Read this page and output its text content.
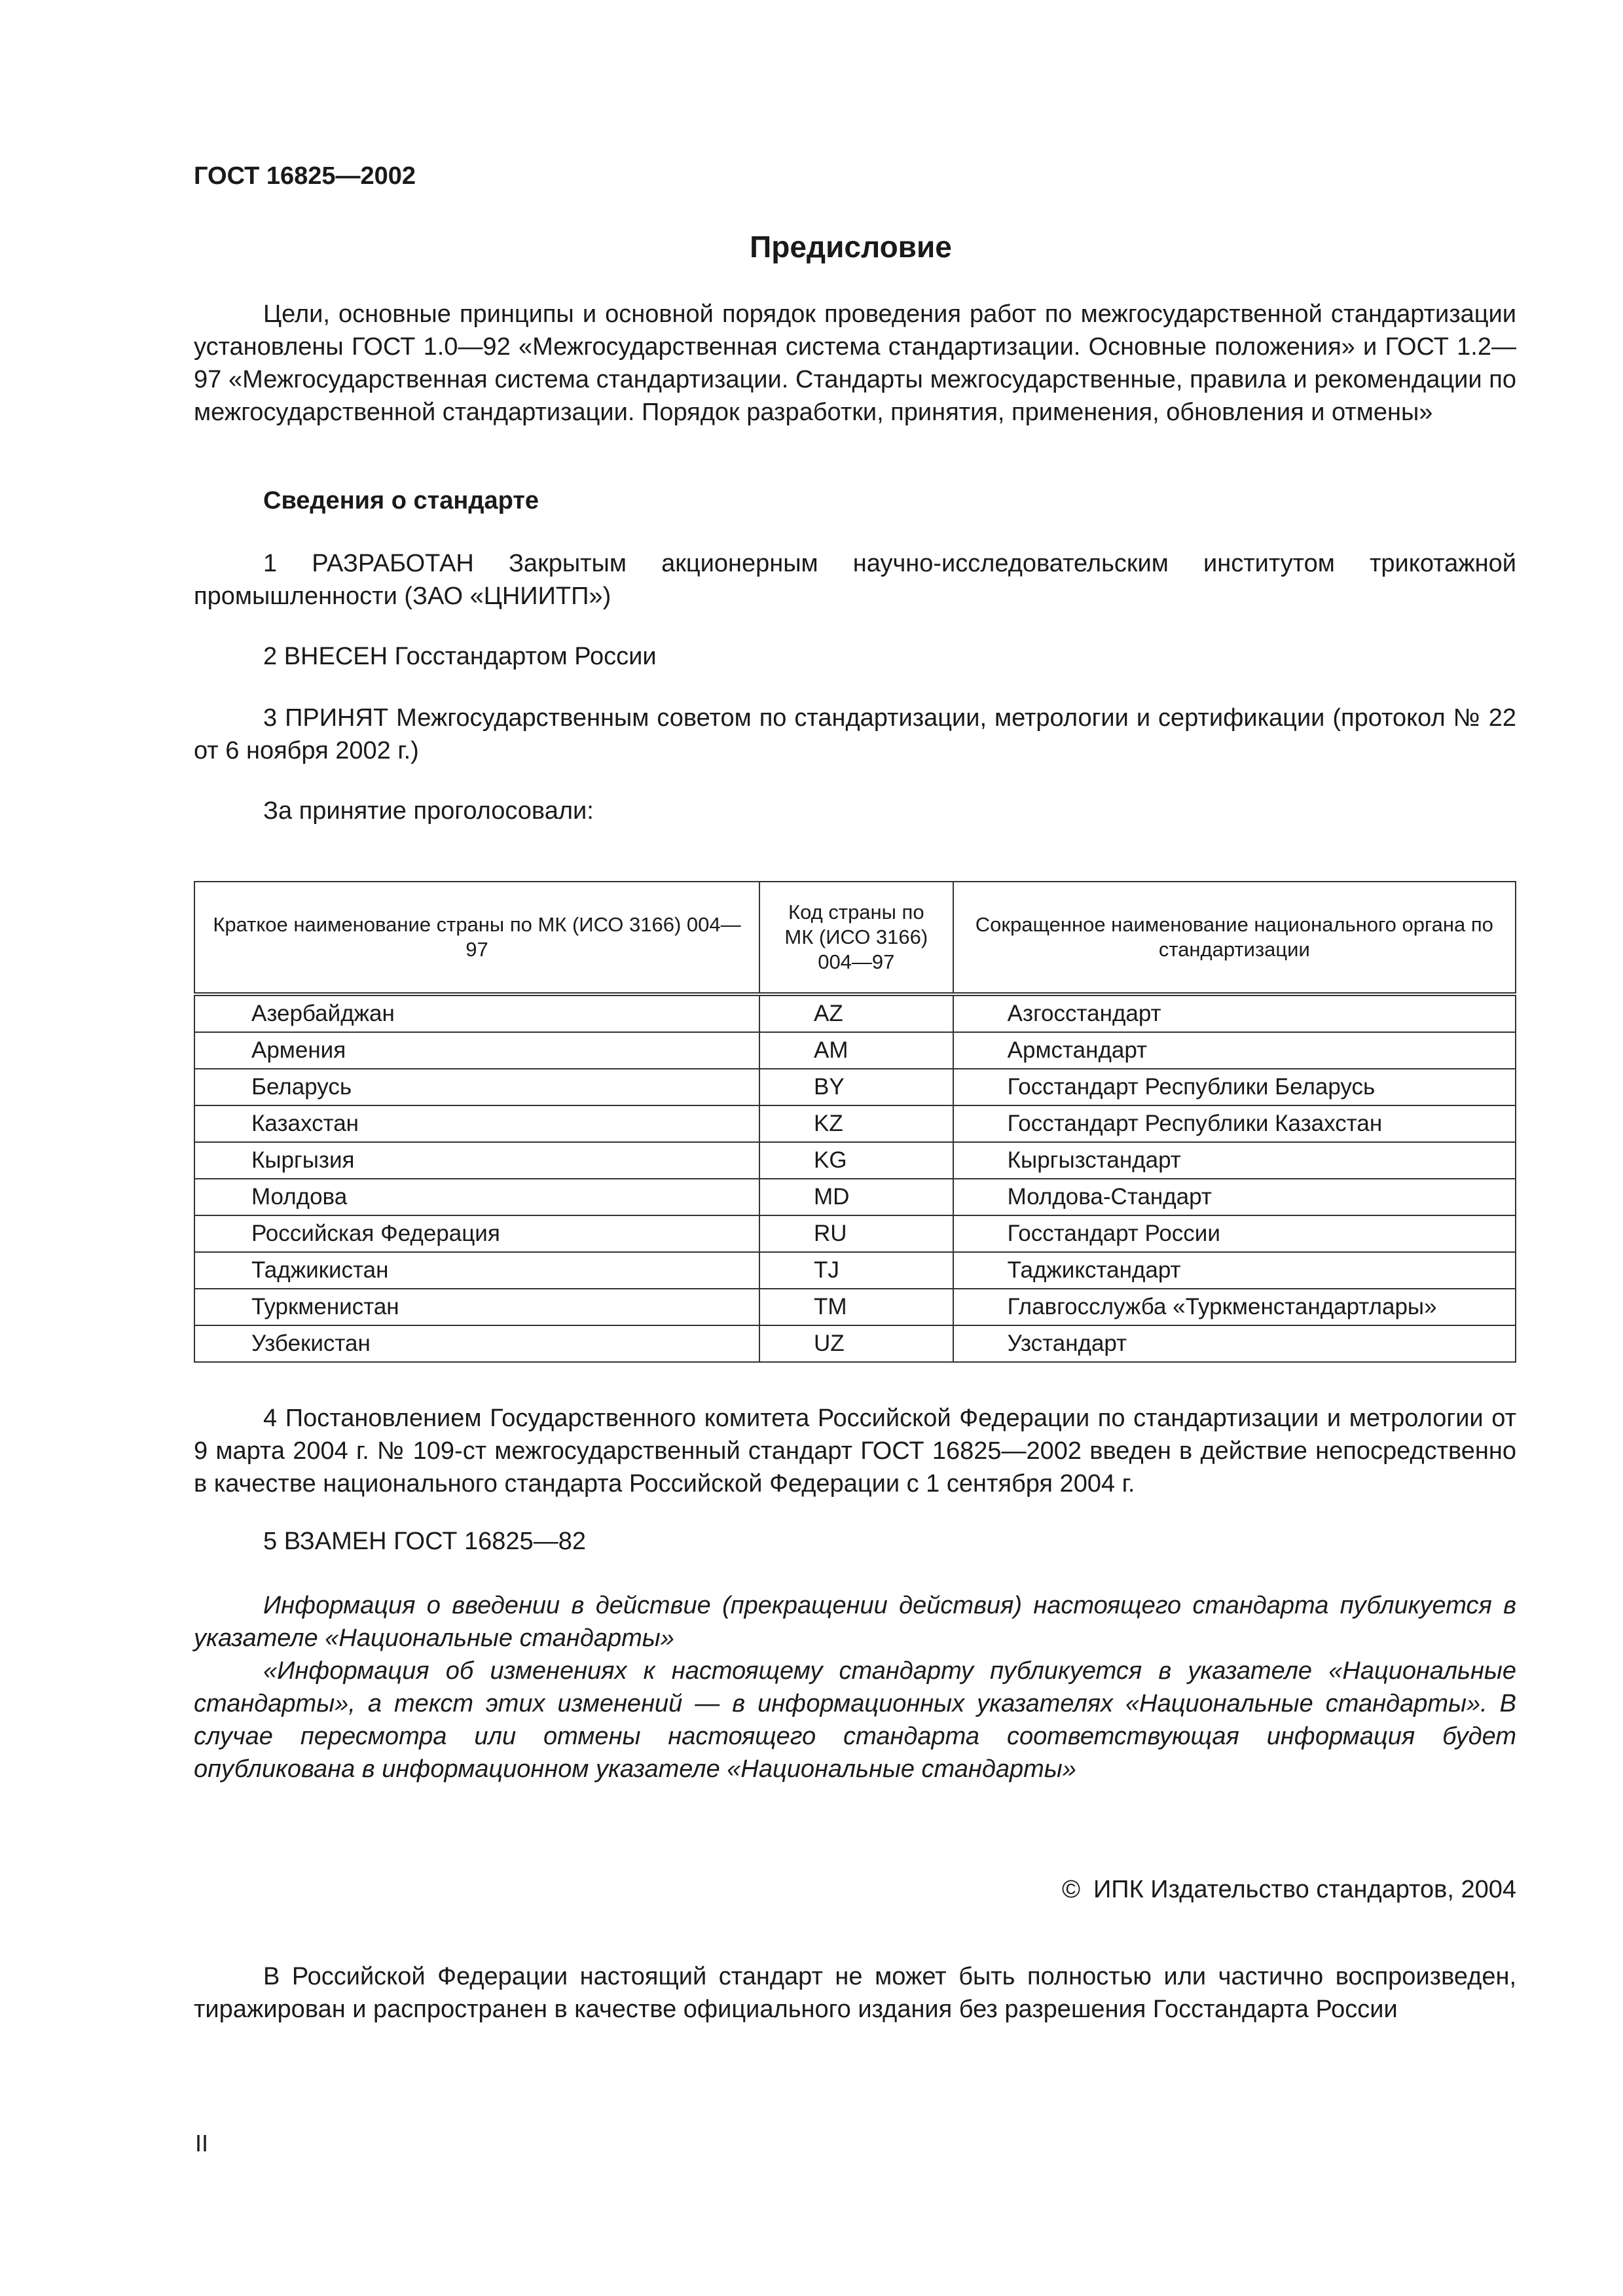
ГОСТ 16825—2002
Предисловие

Цели, основные принципы и основной порядок проведения работ по межгосударственной стандартизации установлены ГОСТ 1.0—92 «Межгосударственная система стандартизации. Основные положения» и ГОСТ 1.2—97 «Межгосударственная система стандартизации. Стандарты межгосударственные, правила и рекомендации по межгосударственной стандартизации. Порядок разработки, принятия, применения, обновления и отмены»

Сведения о стандарте

1 РАЗРАБОТАН Закрытым акционерным научно-исследовательским институтом трикотажной промышленности (ЗАО «ЦНИИТП»)

2 ВНЕСЕН Госстандартом России

3 ПРИНЯТ Межгосударственным советом по стандартизации, метрологии и сертификации (протокол № 22 от 6 ноября 2002 г.)

За принятие проголосовали:

Краткое наименование страны по МК (ИСО 3166) 004—97	Код страны по МК (ИСО 3166) 004—97	Сокращенное наименование национального органа по стандартизации
Азербайджан	AZ	Азгосстандарт
Армения	AM	Армстандарт
Беларусь	BY	Госстандарт Республики Беларусь
Казахстан	KZ	Госстандарт Республики Казахстан
Кыргызия	KG	Кыргызстандарт
Молдова	MD	Молдова-Стандарт
Российская Федерация	RU	Госстандарт России
Таджикистан	TJ	Таджикстандарт
Туркменистан	TM	Главгосслужба «Туркменстандартлары»
Узбекистан	UZ	Узстандарт

4 Постановлением Государственного комитета Российской Федерации по стандартизации и метрологии от 9 марта 2004 г. № 109-ст межгосударственный стандарт ГОСТ 16825—2002 введен в действие непосредственно в качестве национального стандарта Российской Федерации с 1 сентября 2004 г.

5 ВЗАМЕН ГОСТ 16825—82

Информация о введении в действие (прекращении действия) настоящего стандарта публикуется в указателе «Национальные стандарты»

«Информация об изменениях к настоящему стандарту публикуется в указателе «Национальные стандарты», а текст этих изменений — в информационных указателях «Национальные стандарты». В случае пересмотра или отмены настоящего стандарта соответствующая информация будет опубликована в информационном указателе «Национальные стандарты»

© ИПК Издательство стандартов, 2004

В Российской Федерации настоящий стандарт не может быть полностью или частично воспроизведен, тиражирован и распространен в качестве официального издания без разрешения Госстандарта России

II
